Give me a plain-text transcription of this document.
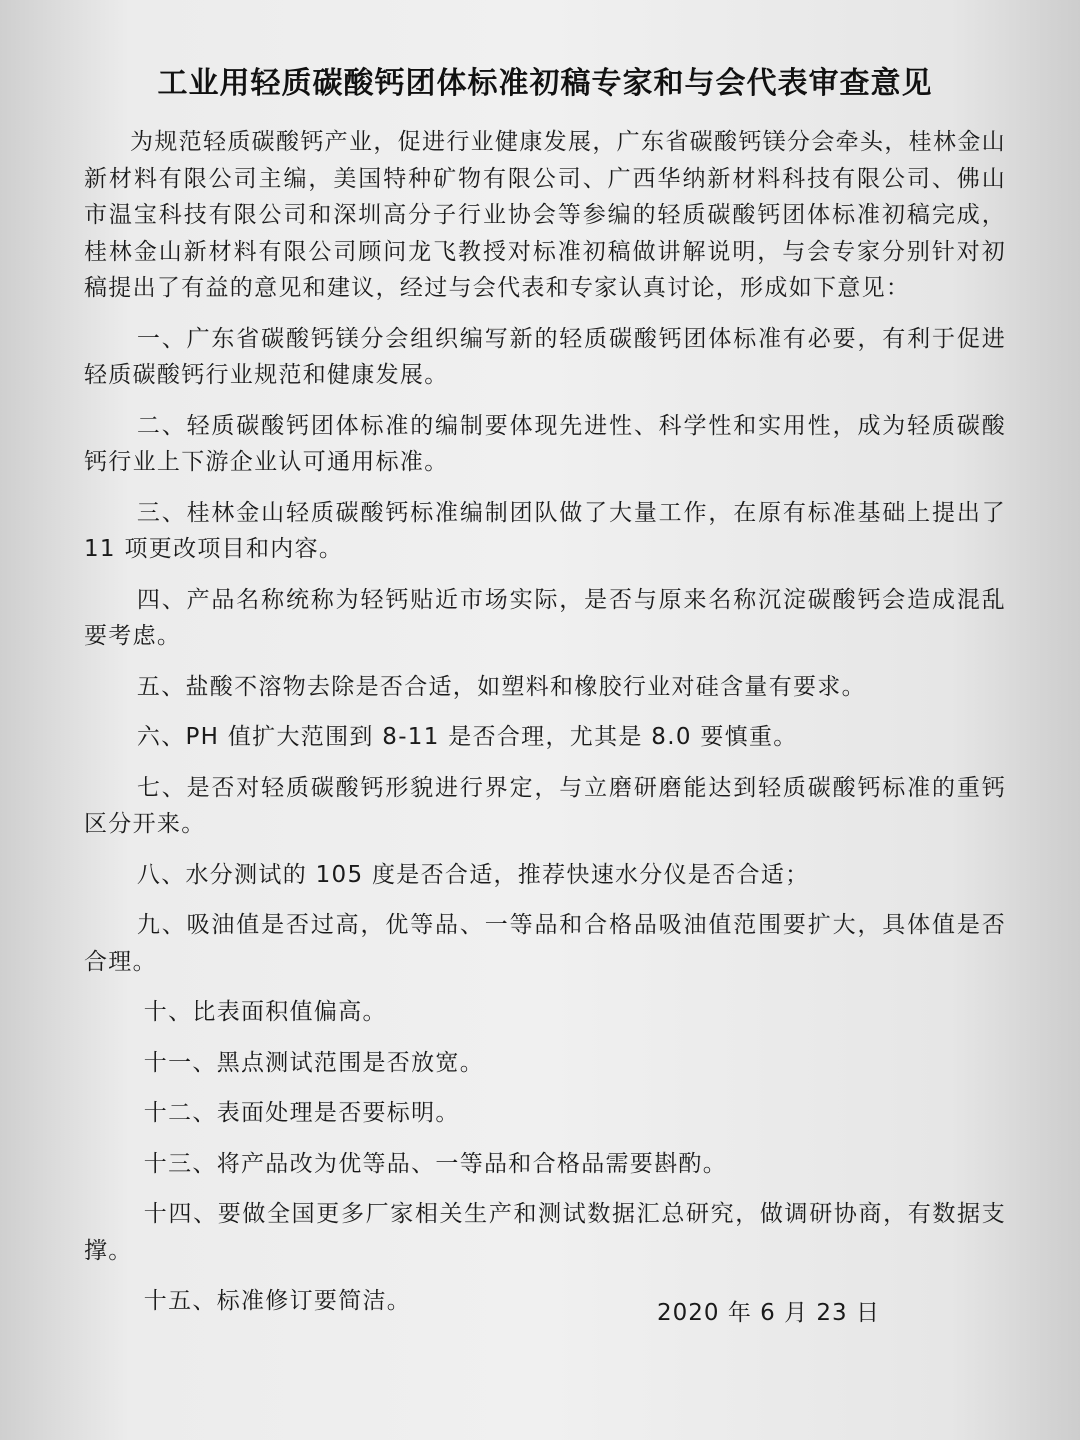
工业用轻质碳酸钙团体标准初稿专家和与会代表审查意见

为规范轻质碳酸钙产业，促进行业健康发展，广东省碳酸钙镁分会牵头，桂林金山新材料有限公司主编，美国特种矿物有限公司、广西华纳新材料科技有限公司、佛山市温宝科技有限公司和深圳高分子行业协会等参编的轻质碳酸钙团体标准初稿完成，桂林金山新材料有限公司顾问龙飞教授对标准初稿做讲解说明，与会专家分别针对初稿提出了有益的意见和建议，经过与会代表和专家认真讨论，形成如下意见：

一、广东省碳酸钙镁分会组织编写新的轻质碳酸钙团体标准有必要，有利于促进轻质碳酸钙行业规范和健康发展。

二、轻质碳酸钙团体标准的编制要体现先进性、科学性和实用性，成为轻质碳酸钙行业上下游企业认可通用标准。

三、桂林金山轻质碳酸钙标准编制团队做了大量工作，在原有标准基础上提出了 11 项更改项目和内容。

四、产品名称统称为轻钙贴近市场实际，是否与原来名称沉淀碳酸钙会造成混乱要考虑。

五、盐酸不溶物去除是否合适，如塑料和橡胶行业对硅含量有要求。

六、PH 值扩大范围到 8-11 是否合理，尤其是 8.0 要慎重。

七、是否对轻质碳酸钙形貌进行界定，与立磨研磨能达到轻质碳酸钙标准的重钙区分开来。

八、水分测试的 105 度是否合适，推荐快速水分仪是否合适；

九、吸油值是否过高，优等品、一等品和合格品吸油值范围要扩大，具体值是否合理。

十、比表面积值偏高。

十一、黑点测试范围是否放宽。

十二、表面处理是否要标明。

十三、将产品改为优等品、一等品和合格品需要斟酌。

十四、要做全国更多厂家相关生产和测试数据汇总研究，做调研协商，有数据支撑。

十五、标准修订要简洁。	2020 年 6 月 23 日
